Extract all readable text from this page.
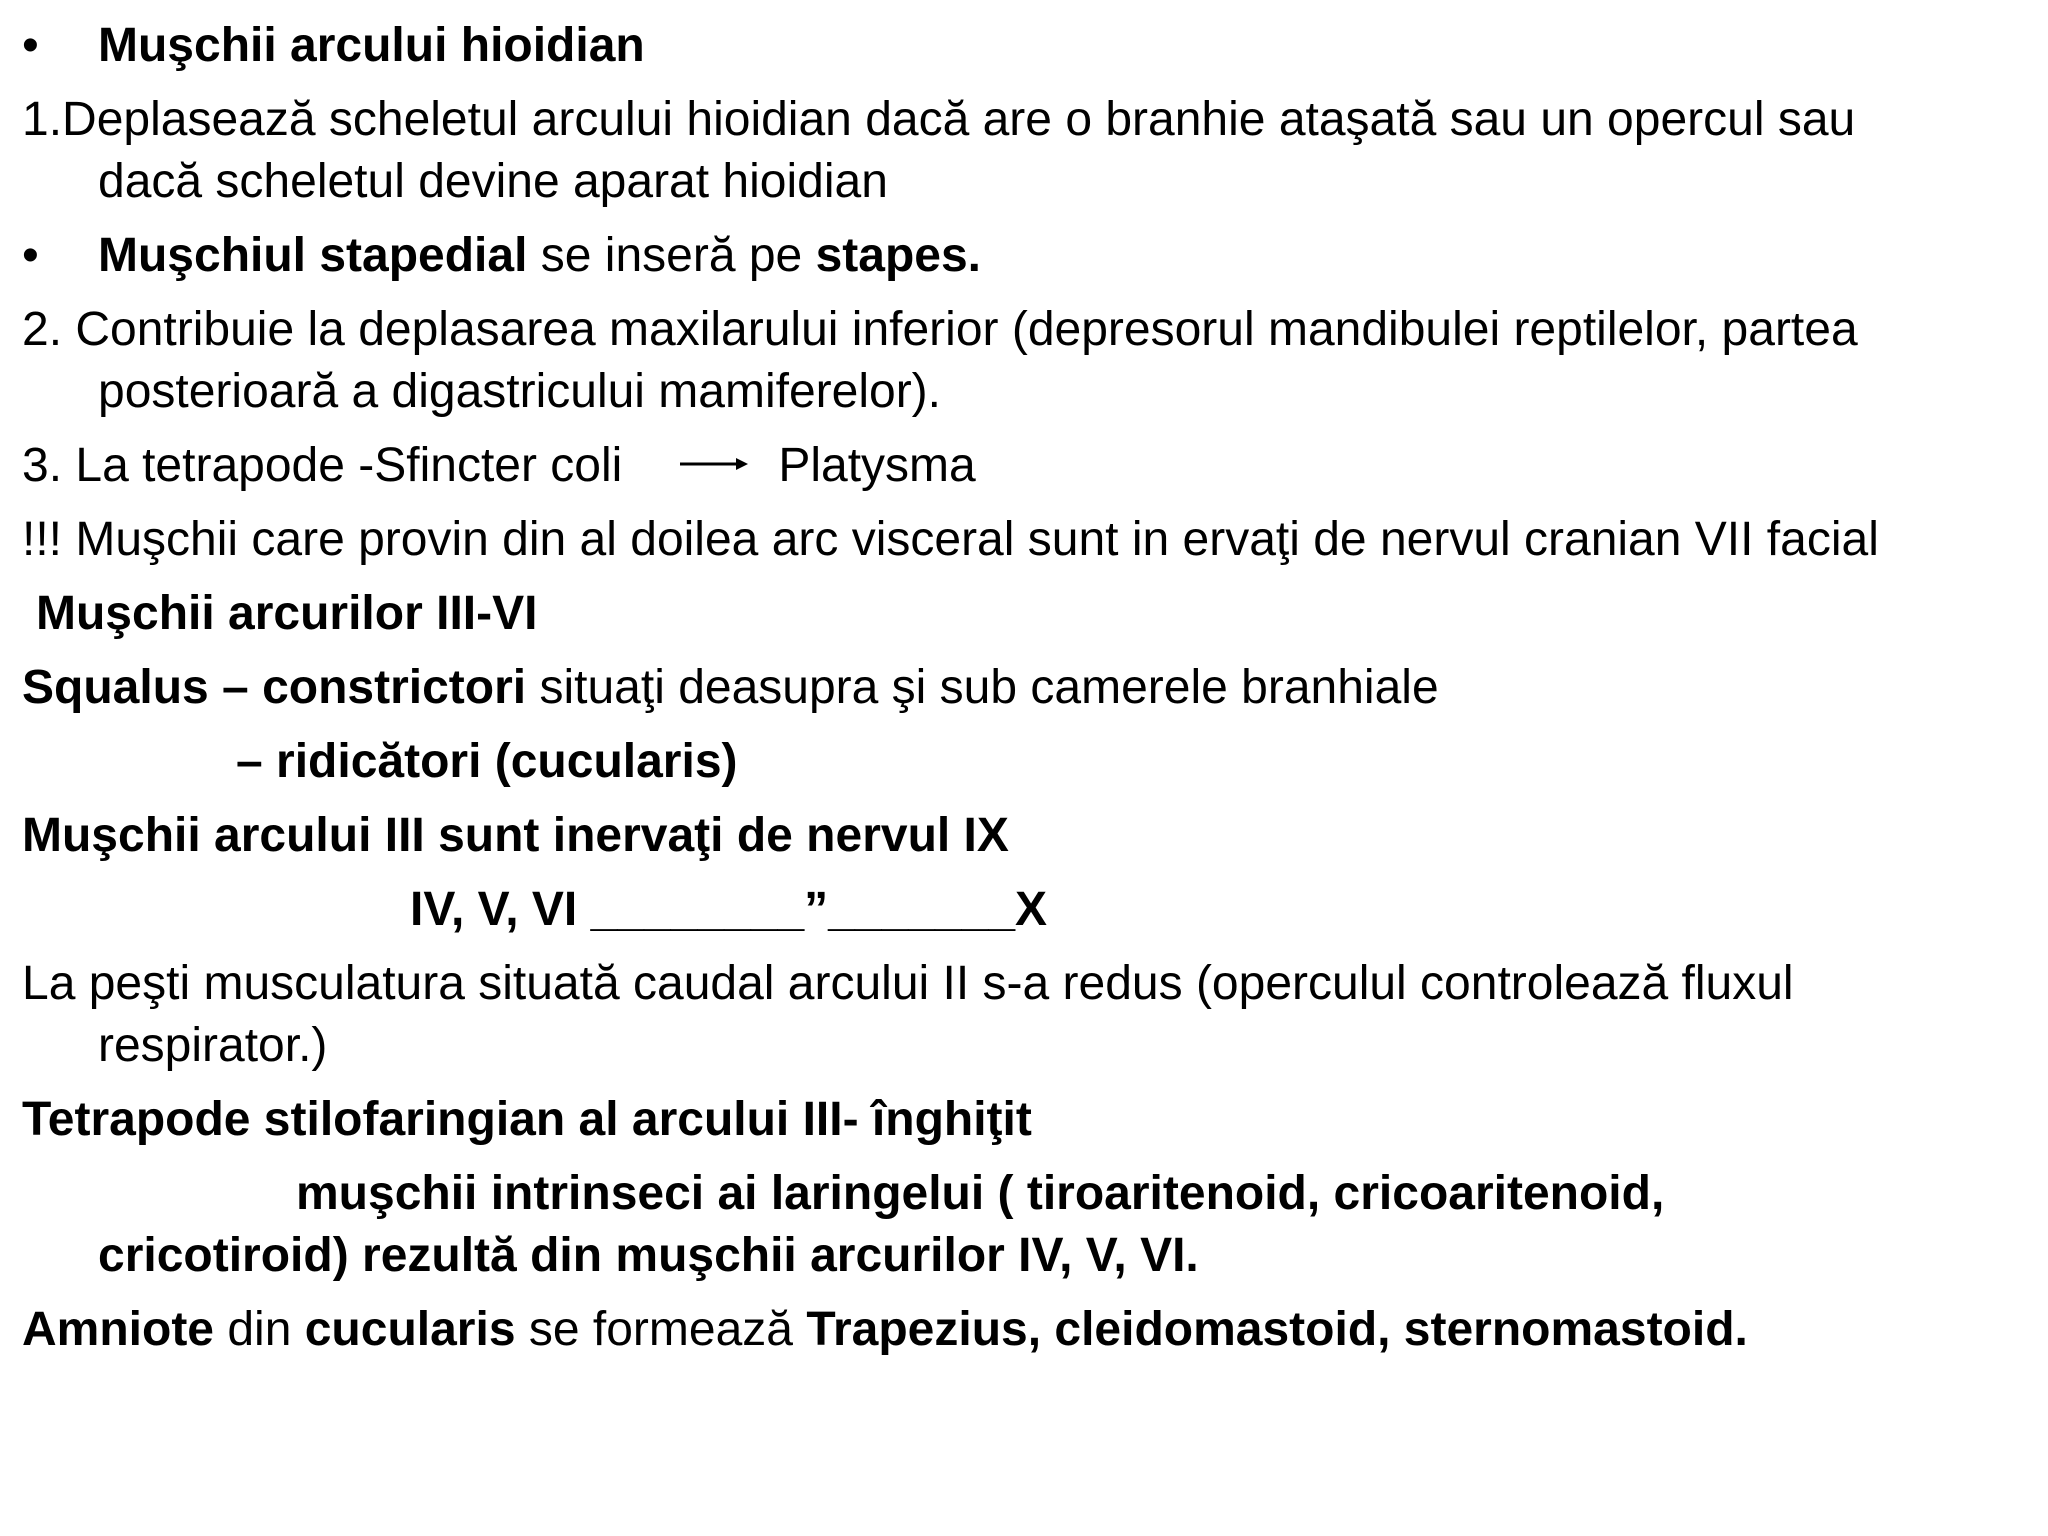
• Muşchii arcului hioidian
1.Deplasează scheletul arcului hioidian dacă are o branhie ataşată sau un opercul sau
dacă scheletul devine aparat hioidian
• Muşchiul stapedial se inseră pe stapes.
2. Contribuie la deplasarea maxilarului inferior (depresorul mandibulei reptilelor, partea
posterioară a digastricului mamiferelor).
3. La tetrapode -Sfincter coli	Platysma
!!! Muşchii care provin din al doilea arc visceral sunt in ervaţi de nervul cranian VII facial
Muşchii arcurilor III-VI
Squalus – constrictori situaţi deasupra şi sub camerele branhiale
– ridicători (cucularis)
Muşchii arcului III sunt inervaţi de nervul IX
IV, V, VI ________”_______X
La peşti musculatura situată caudal arcului II s-a redus (operculul controlează fluxul
respirator.)
Tetrapode stilofaringian al arcului III- înghiţit
muşchii intrinseci ai laringelui ( tiroaritenoid, cricoaritenoid,
cricotiroid) rezultă din muşchii arcurilor IV, V, VI.
Amniote din cucularis se formează Trapezius, cleidomastoid, sternomastoid.
